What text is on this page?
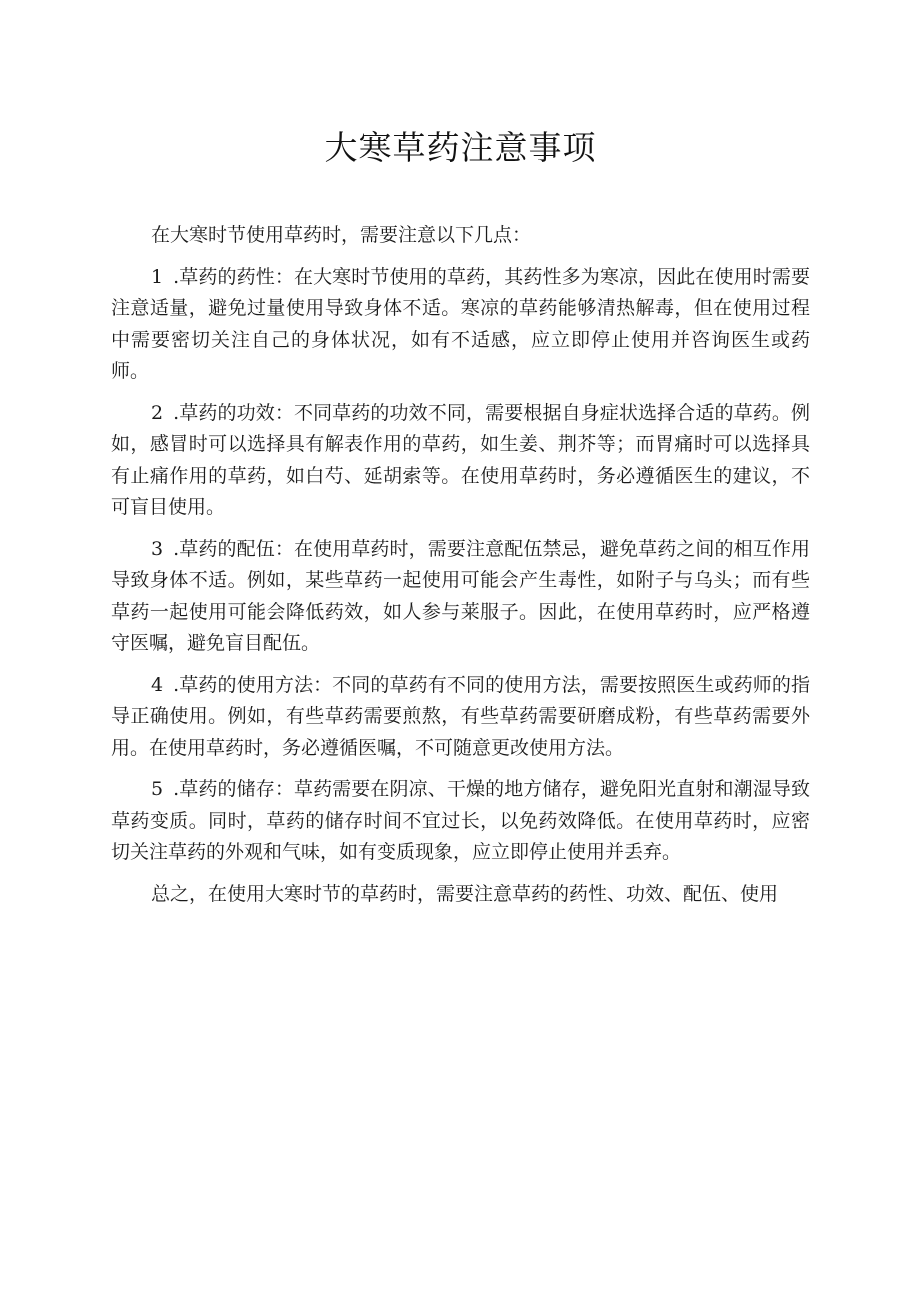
大寒草药注意事项

在大寒时节使用草药时，需要注意以下几点：

1 .草药的药性：在大寒时节使用的草药，其药性多为寒凉，因此在使用时需要注意适量，避免过量使用导致身体不适。寒凉的草药能够清热解毒，但在使用过程中需要密切关注自己的身体状况，如有不适感，应立即停止使用并咨询医生或药师。

2 .草药的功效：不同草药的功效不同，需要根据自身症状选择合适的草药。例如，感冒时可以选择具有解表作用的草药，如生姜、荆芥等；而胃痛时可以选择具有止痛作用的草药，如白芍、延胡索等。在使用草药时，务必遵循医生的建议，不可盲目使用。

3 .草药的配伍：在使用草药时，需要注意配伍禁忌，避免草药之间的相互作用导致身体不适。例如，某些草药一起使用可能会产生毒性，如附子与乌头；而有些草药一起使用可能会降低药效，如人参与莱服子。因此，在使用草药时，应严格遵守医嘱，避免盲目配伍。

4 .草药的使用方法：不同的草药有不同的使用方法，需要按照医生或药师的指导正确使用。例如，有些草药需要煎熬，有些草药需要研磨成粉，有些草药需要外用。在使用草药时，务必遵循医嘱，不可随意更改使用方法。

5 .草药的储存：草药需要在阴凉、干燥的地方储存，避免阳光直射和潮湿导致草药变质。同时，草药的储存时间不宜过长，以免药效降低。在使用草药时，应密切关注草药的外观和气味，如有变质现象，应立即停止使用并丢弃。

总之，在使用大寒时节的草药时，需要注意草药的药性、功效、配伍、使用
